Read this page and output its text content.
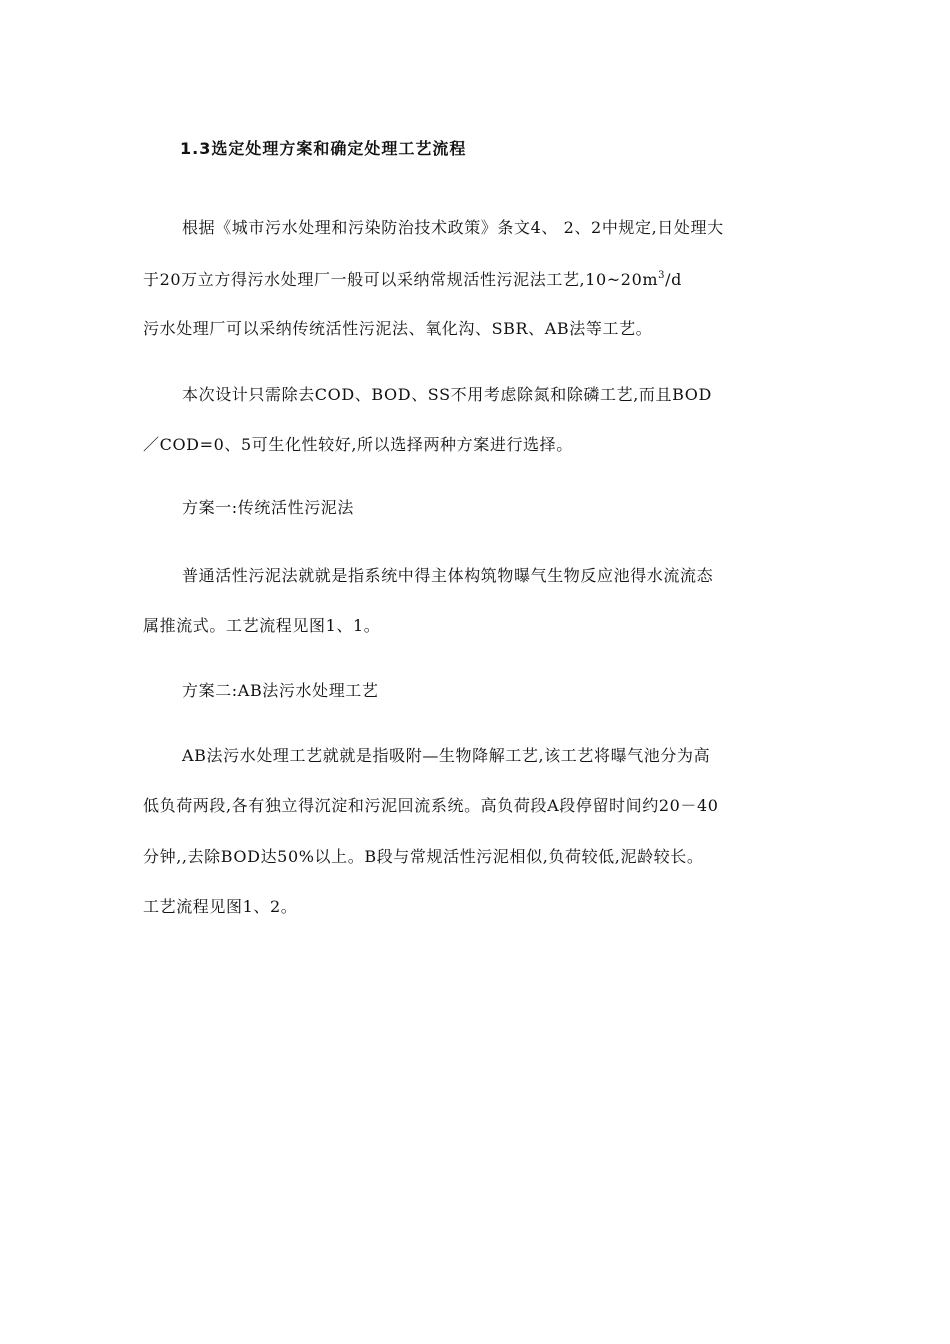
1.3选定处理方案和确定处理工艺流程
根据《城市污水处理和污染防治技术政策》条文4、 2、2中规定,日处理大
于20万立方得污水处理厂一般可以采纳常规活性污泥法工艺$,10\sim 20m^3/d$
污水处理厂可以采纳传统活性污泥法、氧化沟、SBR、AB法等工艺。
本次设计只需除去COD、BOD、SS不用考虑除氮和除磷工艺,而且BOD
／COD=0、5可生化性较好,所以选择两种方案进行选择。
方案一:传统活性污泥法
普通活性污泥法就就是指系统中得主体构筑物曝气生物反应池得水流流态
属推流式。工艺流程见图1、1。
方案二:AB法污水处理工艺
AB法污水处理工艺就就是指吸附—生物降解工艺,该工艺将曝气池分为高
低负荷两段,各有独立得沉淀和污泥回流系统。高负荷段A段停留时间约20－40
分钟,,去除BOD达50%以上。B段与常规活性污泥相似,负荷较低,泥龄较长。
工艺流程见图1、2。
